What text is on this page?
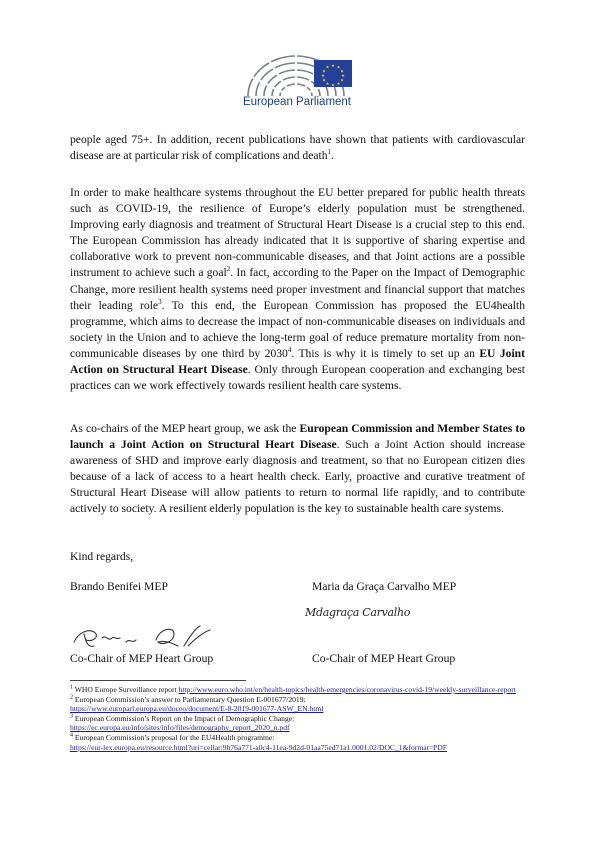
★ ★
★
★
★
★
★
★
★
★
★
★
European Parliament
people aged 75+. In addition, recent publications have shown that patients with cardiovascular disease are at particular risk of complications and death$^1$.
In order to make healthcare systems throughout the EU better prepared for public health threats such as COVID-19, the resilience of Europe’s elderly population must be strengthened. Improving early diagnosis and treatment of Structural Heart Disease is a crucial step to this end. The European Commission has already indicated that it is supportive of sharing expertise and collaborative work to prevent non-communicable diseases, and that Joint actions are a possible instrument to achieve such a goal$^2$. In fact, according to the Paper on the Impact of Demographic Change, more resilient health systems need proper investment and financial support that matches their leading role$^3$. To this end, the European Commission has proposed the EU4health programme, which aims to decrease the impact of non-communicable diseases on individuals and society in the Union and to achieve the long-term goal of reduce premature mortality from non-communicable diseases by one third by 2030$^4$. This is why it is timely to set up an EU Joint Action on Structural Heart Disease. Only through European cooperation and exchanging best practices can we work effectively towards resilient health care systems.
As co-chairs of the MEP heart group, we ask the European Commission and Member States to launch a Joint Action on Structural Heart Disease. Such a Joint Action should increase awareness of SHD and improve early diagnosis and treatment, so that no European citizen dies because of a lack of access to a heart health check. Early, proactive and curative treatment of Structural Heart Disease will allow patients to return to normal life rapidly, and to contribute actively to society. A resilient elderly population is the key to sustainable health care systems.
Kind regards,
Brando Benifei MEP	Maria da Graça Carvalho MEP
Mdagraça Carvalho
Co-Chair of MEP Heart Group	Co-Chair of MEP Heart Group

$^1$ WHO Europe Surveillance report http://www.euro.who.int/en/health-topics/health-emergencies/coronavirus-covid-19/weekly-surveillance-report

$^2$ European Commission’s answer to Parliamentary Question E-001677/2019:
https://www.europarl.europa.eu/doceo/document/E-8-2019-001677-ASW_EN.html

$^3$ European Commission’s Report on the Impact of Demographic Change:
https://ec.europa.eu/info/sites/info/files/demography_report_2020_n.pdf

$^4$ European Commission’s proposal for the EU4Health programme:
https://eur-lex.europa.eu/resource.html?uri=cellar:9b76a771-a0c4-11ea-9d2d-01aa75ed71a1.0001.02/DOC_1&format=PDF
